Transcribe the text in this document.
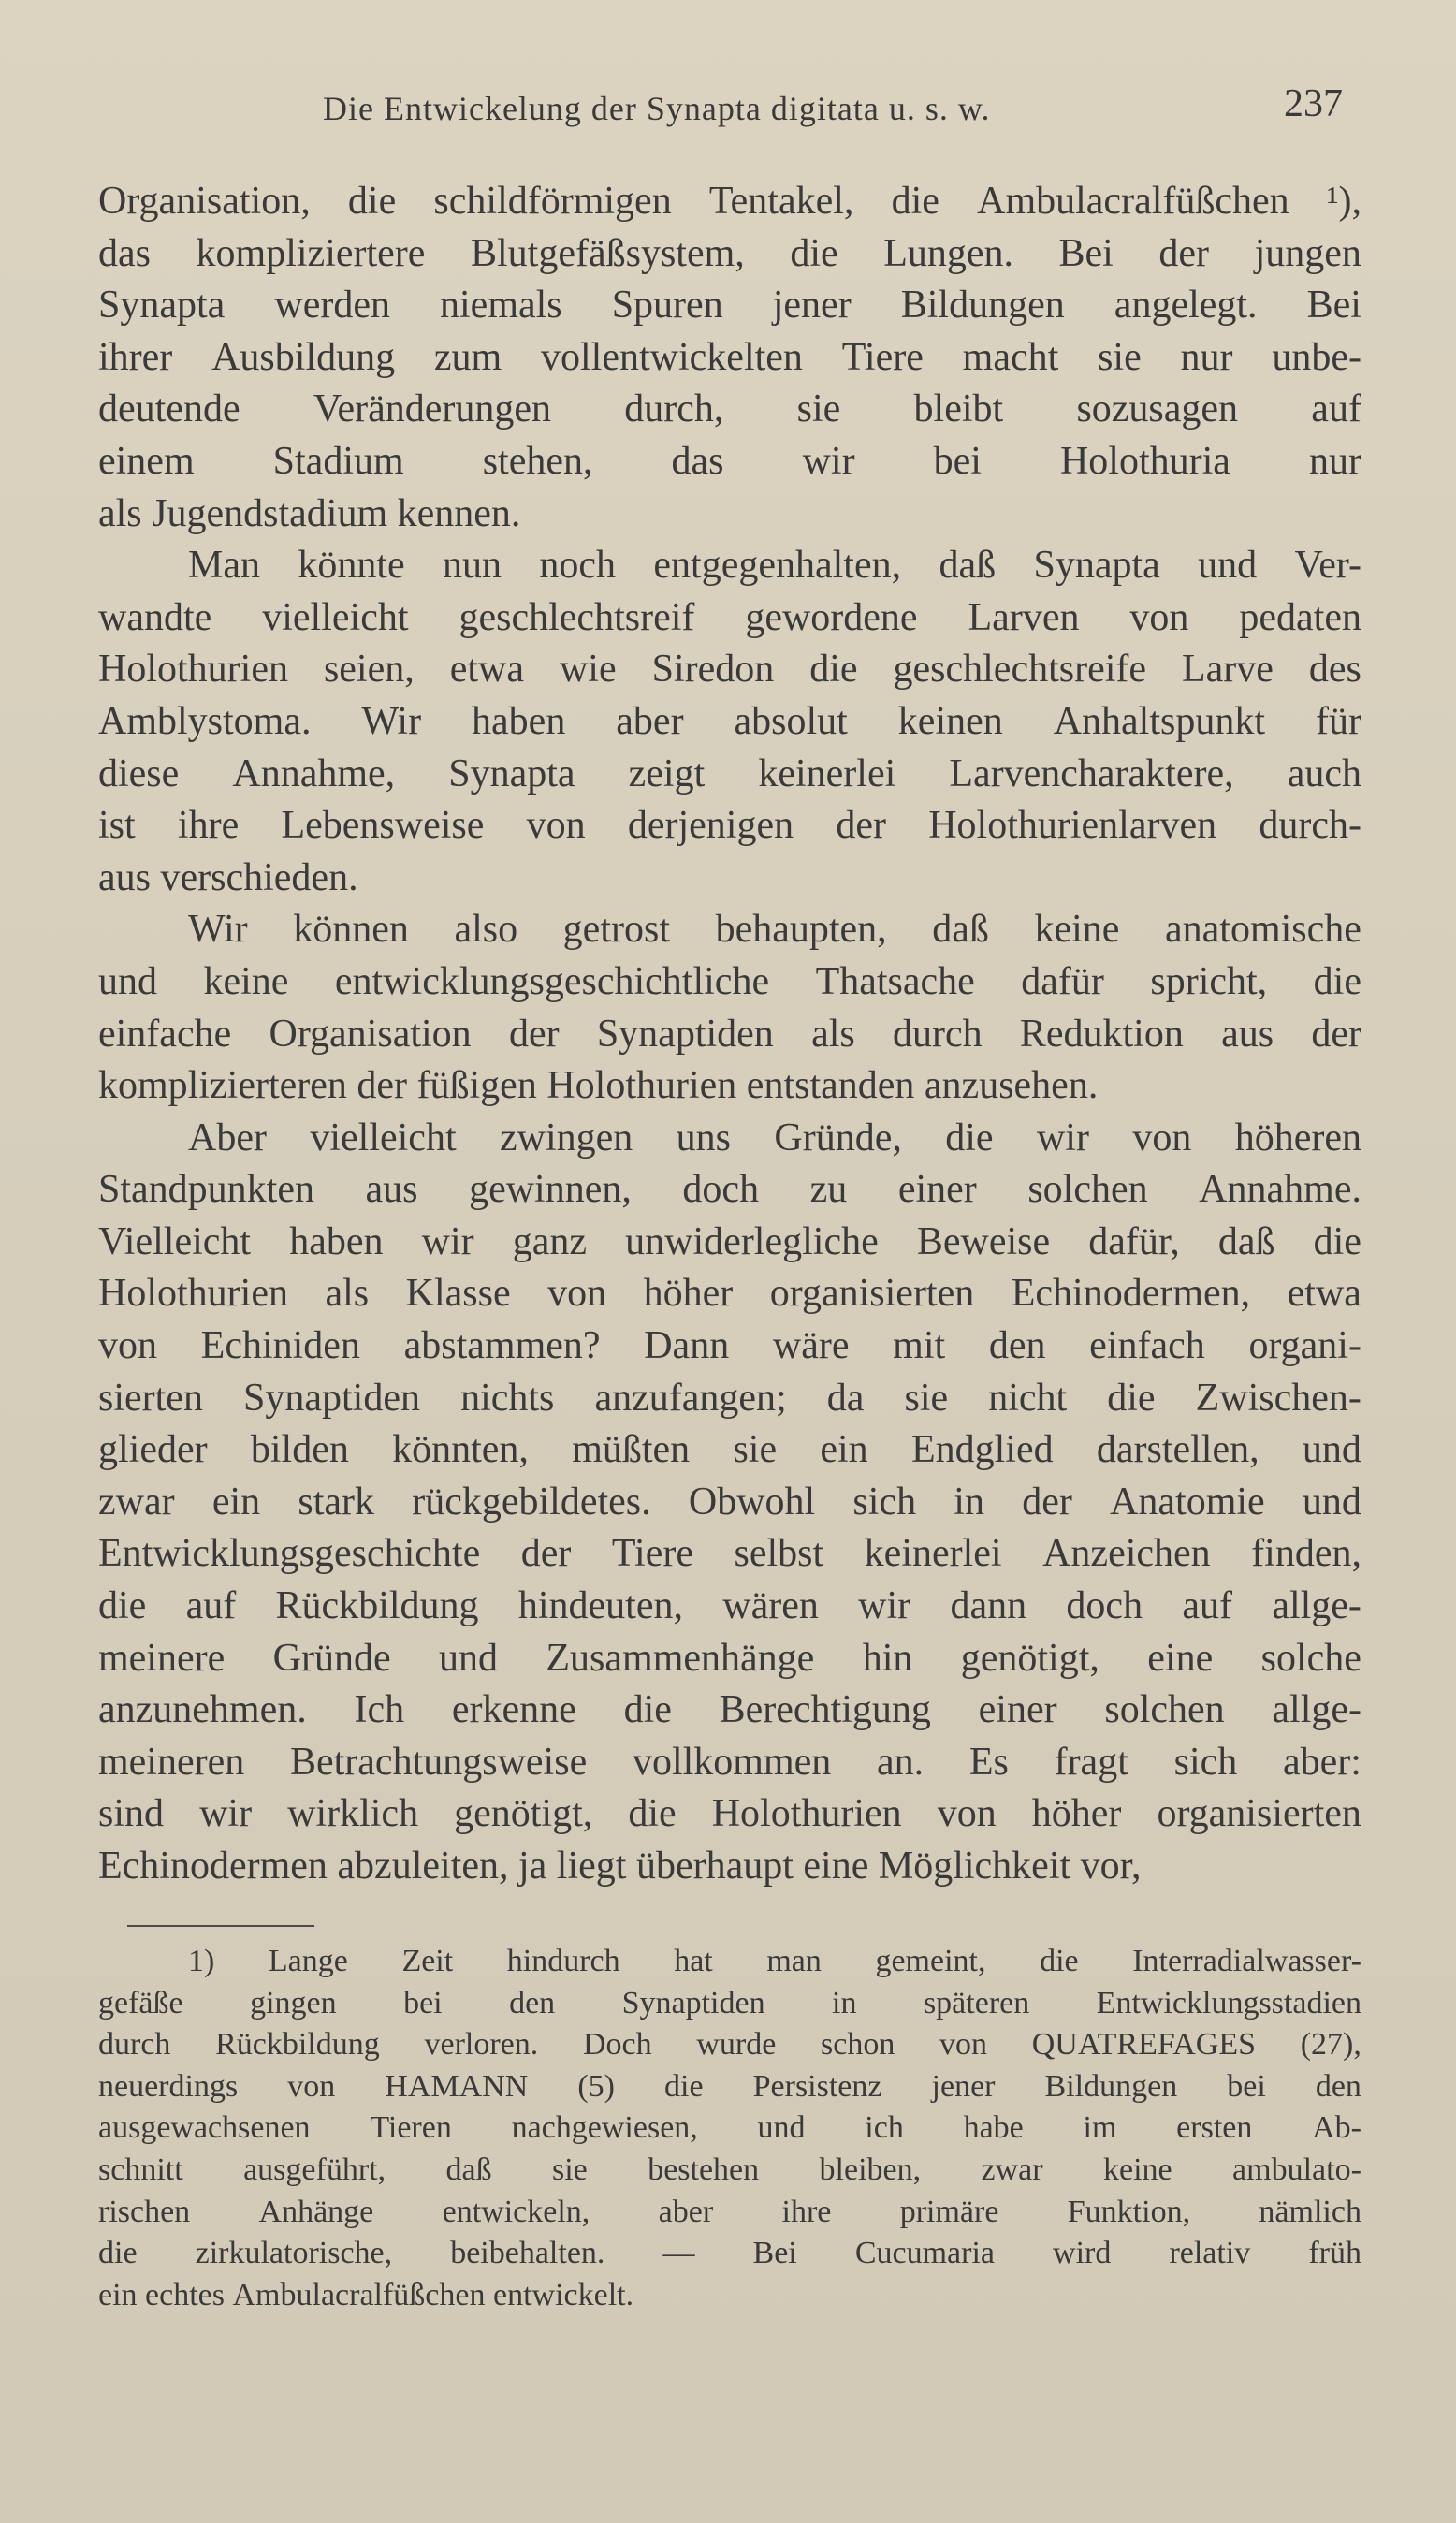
Die Entwickelung der Synapta digitata u. s. w.	237
Organisation, die schildförmigen Tentakel, die Ambulacralfüßchen ¹),
das kompliziertere Blutgefäßsystem, die Lungen. Bei der jungen
Synapta werden niemals Spuren jener Bildungen angelegt. Bei
ihrer Ausbildung zum vollentwickelten Tiere macht sie nur unbe-
deutende Veränderungen durch, sie bleibt sozusagen auf
einem Stadium stehen, das wir bei Holothuria nur
als Jugendstadium kennen.
Man könnte nun noch entgegenhalten, daß Synapta und Ver-
wandte vielleicht geschlechtsreif gewordene Larven von pedaten
Holothurien seien, etwa wie Siredon die geschlechtsreife Larve des
Amblystoma. Wir haben aber absolut keinen Anhaltspunkt für
diese Annahme, Synapta zeigt keinerlei Larvencharaktere, auch
ist ihre Lebensweise von derjenigen der Holothurienlarven durch-
aus verschieden.
Wir können also getrost behaupten, daß keine anatomische
und keine entwicklungsgeschichtliche Thatsache dafür spricht, die
einfache Organisation der Synaptiden als durch Reduktion aus der
komplizierteren der füßigen Holothurien entstanden anzusehen.
Aber vielleicht zwingen uns Gründe, die wir von höheren
Standpunkten aus gewinnen, doch zu einer solchen Annahme.
Vielleicht haben wir ganz unwiderlegliche Beweise dafür, daß die
Holothurien als Klasse von höher organisierten Echinodermen, etwa
von Echiniden abstammen? Dann wäre mit den einfach organi-
sierten Synaptiden nichts anzufangen; da sie nicht die Zwischen-
glieder bilden könnten, müßten sie ein Endglied darstellen, und
zwar ein stark rückgebildetes. Obwohl sich in der Anatomie und
Entwicklungsgeschichte der Tiere selbst keinerlei Anzeichen finden,
die auf Rückbildung hindeuten, wären wir dann doch auf allge-
meinere Gründe und Zusammenhänge hin genötigt, eine solche
anzunehmen. Ich erkenne die Berechtigung einer solchen allge-
meineren Betrachtungsweise vollkommen an. Es fragt sich aber:
sind wir wirklich genötigt, die Holothurien von höher organisierten
Echinodermen abzuleiten, ja liegt überhaupt eine Möglichkeit vor,
1) Lange Zeit hindurch hat man gemeint, die Interradialwasser-
gefäße gingen bei den Synaptiden in späteren Entwicklungsstadien
durch Rückbildung verloren. Doch wurde schon von QUATREFAGES (27),
neuerdings von HAMANN (5) die Persistenz jener Bildungen bei den
ausgewachsenen Tieren nachgewiesen, und ich habe im ersten Ab-
schnitt ausgeführt, daß sie bestehen bleiben, zwar keine ambulato-
rischen Anhänge entwickeln, aber ihre primäre Funktion, nämlich
die zirkulatorische, beibehalten. — Bei Cucumaria wird relativ früh
ein echtes Ambulacralfüßchen entwickelt.
